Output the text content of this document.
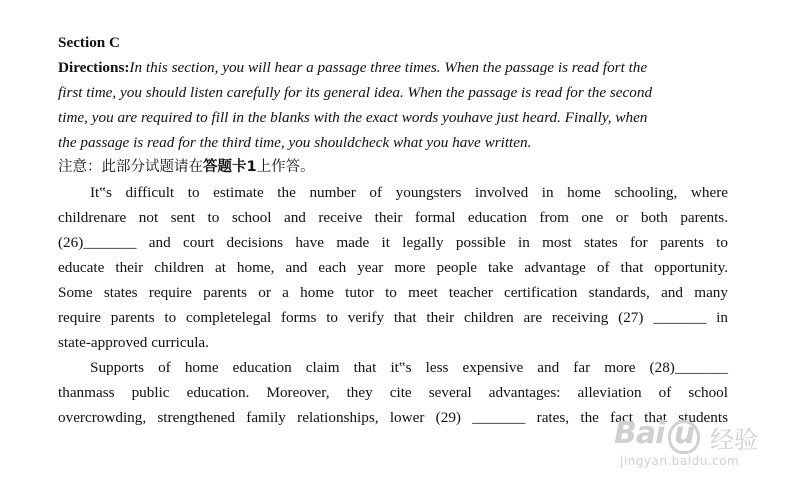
Section C
Directions:In this section, you will hear a passage three times. When the passage is read fort the
first time, you should listen carefully for its general idea. When the passage is read for the second
time, you are required to fill in the blanks with the exact words youhave just heard. Finally, when
the passage is read for the third time, you shouldcheck what you have written.
注意：此部分试题请在答题卡1上作答。
It‟s difficult to estimate the number of youngsters involved in home schooling, where
childrenare not sent to school and receive their formal education from one or both parents.
(26)_______ and court decisions have made it legally possible in most states for parents to
educate their children at home, and each year more people take advantage of that opportunity.
Some states require parents or a home tutor to meet teacher certification standards, and many
require parents to completelegal forms to verify that their children are receiving (27) _______ in
state-approved curricula.
Supports of home education claim that it‟s less expensive and far more (28)_______
thanmass public education. Moreover, they cite several advantages: alleviation of school
overcrowding, strengthened family relationships, lower (29) _______ rates, the fact that students
Bai u 经验
jingyan.baidu.com
